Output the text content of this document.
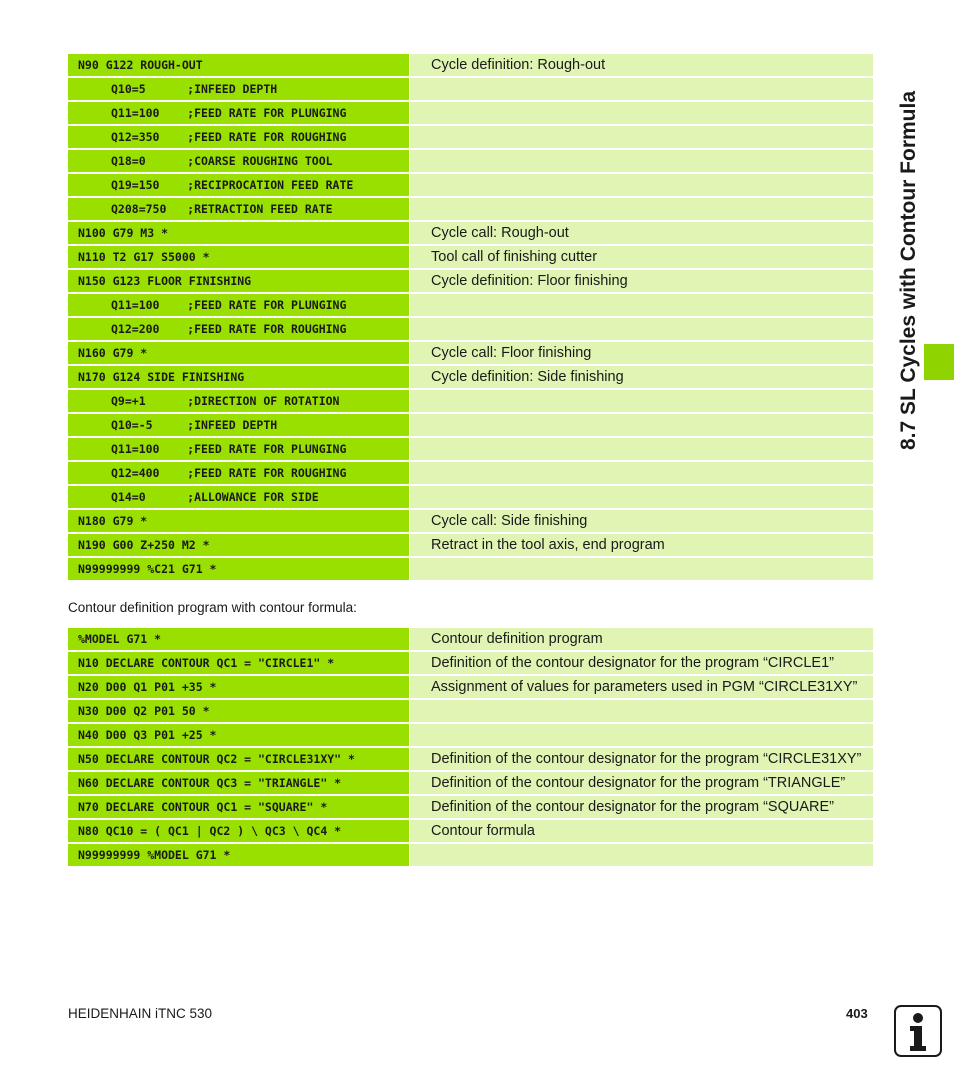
8.7 SL Cycles with Contour Formula
N90 G122 ROUGH-OUT	Cycle definition: Rough-out
Q10=5      ;INFEED DEPTH
Q11=100    ;FEED RATE FOR PLUNGING
Q12=350    ;FEED RATE FOR ROUGHING
Q18=0      ;COARSE ROUGHING TOOL
Q19=150    ;RECIPROCATION FEED RATE
Q208=750   ;RETRACTION FEED RATE
N100 G79 M3 *	Cycle call: Rough-out
N110 T2 G17 S5000 *	Tool call of finishing cutter
N150 G123 FLOOR FINISHING	Cycle definition: Floor finishing
Q11=100    ;FEED RATE FOR PLUNGING
Q12=200    ;FEED RATE FOR ROUGHING
N160 G79 *	Cycle call: Floor finishing
N170 G124 SIDE FINISHING	Cycle definition: Side finishing
Q9=+1      ;DIRECTION OF ROTATION
Q10=-5     ;INFEED DEPTH
Q11=100    ;FEED RATE FOR PLUNGING
Q12=400    ;FEED RATE FOR ROUGHING
Q14=0      ;ALLOWANCE FOR SIDE
N180 G79 *	Cycle call: Side finishing
N190 G00 Z+250 M2 *	Retract in the tool axis, end program
N99999999 %C21 G71 *
Contour definition program with contour formula:
%MODEL G71 *	Contour definition program
N10 DECLARE CONTOUR QC1 = "CIRCLE1" *	Definition of the contour designator for the program “CIRCLE1”
N20 D00 Q1 P01 +35 *	Assignment of values for parameters used in PGM “CIRCLE31XY”
N30 D00 Q2 P01 50 *
N40 D00 Q3 P01 +25 *
N50 DECLARE CONTOUR QC2 = "CIRCLE31XY" *	Definition of the contour designator for the program “CIRCLE31XY”
N60 DECLARE CONTOUR QC3 = "TRIANGLE" *	Definition of the contour designator for the program “TRIANGLE”
N70 DECLARE CONTOUR QC1 = "SQUARE" *	Definition of the contour designator for the program “SQUARE”
N80 QC10 = ( QC1 | QC2 ) \ QC3 \ QC4 *	Contour formula
N99999999 %MODEL G71 *
HEIDENHAIN iTNC 530	403
